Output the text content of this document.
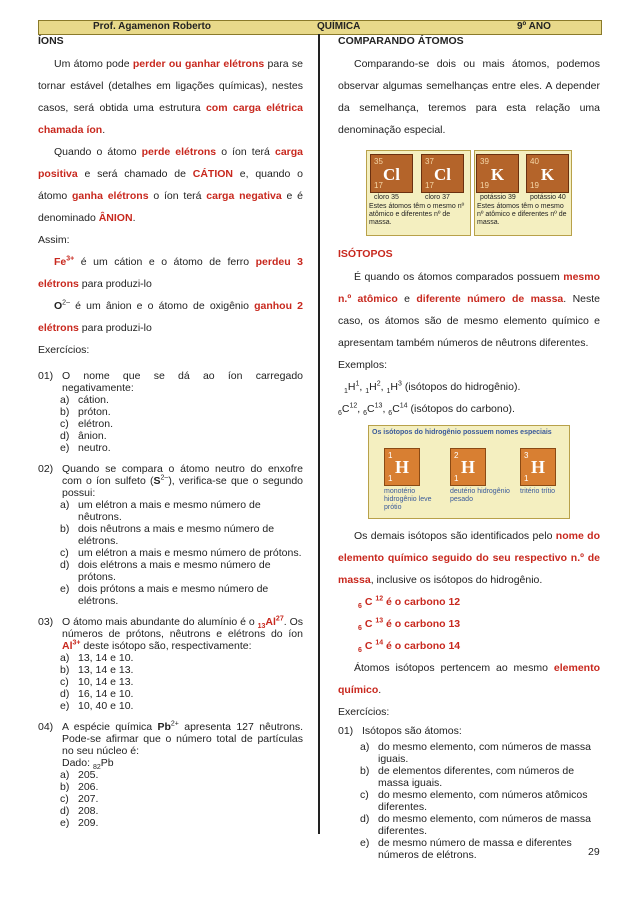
Prof. Agamenon Roberto	QUÍMICA	9º ANO

ÍONS

Um átomo pode perder ou ganhar elétrons para se tornar estável (detalhes em ligações químicas), nestes casos, será obtida uma estrutura com carga elétrica chamada íon.

Quando o átomo perde elétrons o íon terá carga positiva e será chamado de CÁTION e, quando o átomo ganha elétrons o íon terá carga negativa e é denominado ÂNION.

Assim:

$Fe^{3+}$ é um cátion e o átomo de ferro perdeu 3 elétrons para produzi-lo

$O^{2-}$ é um ânion e o átomo de oxigênio ganhou 2 elétrons para produzi-lo

Exercícios:

01) O nome que se dá ao íon carregado negativamente:

a) cátion.
b) próton.
c) elétron.
d) ânion.
e) neutro.
02) Quando se compara o átomo neutro do enxofre com o íon sulfeto $(S^{2-})$, verifica-se que o segundo possui:

a) um elétron a mais e mesmo número de nêutrons.
b) dois nêutrons a mais e mesmo número de elétrons.
c) um elétron a mais e mesmo número de prótons.
d) dois elétrons a mais e mesmo número de prótons.
e) dois prótons a mais e mesmo número de elétrons.
03) O átomo mais abundante do alumínio é o $_{13}Al^{27}$. Os números de prótons, nêutrons e elétrons do íon $Al^{3+}$ deste isótopo são, respectivamente:

a) 13, 14 e 10.
b) 13, 14 e 13.
c) 10, 14 e 13.
d) 16, 14 e 10.
e) 10, 40 e 10.
04) A espécie química $Pb^{2+}$ apresenta 127 nêutrons. Pode-se afirmar que o número total de partículas no seu núcleo é:
Dado: $_{82}$Pb

a) 205.
b) 206.
c) 207.
d) 208.
e) 209.

COMPARANDO ÁTOMOS

Comparando-se dois ou mais átomos, podemos observar algumas semelhanças entre eles. A depender da semelhança, teremos para esta relação uma denominação especial.

35
Cl
17
cloro 35
37
Cl
17
cloro 37
39
K
19
potássio 39
40
K
19
potássio 40
Estes átomos têm o mesmo nº atômico e diferentes nº de massa.
Estes átomos têm o mesmo nº atômico e diferentes nº de massa.

ISÓTOPOS

É quando os átomos comparados possuem mesmo n.º atômico e diferente número de massa. Neste caso, os átomos são de mesmo elemento químico e apresentam também números de nêutrons diferentes.

Exemplos:

$_1H^1$, $_1H^2$, $_1H^3$ (isótopos do hidrogênio).

$_6C^{12}$, $_6C^{13}$, $_6C^{14}$ (isótopos do carbono).

Os isótopos do hidrogênio possuem nomes especiais
1
H
1
monotério hidrogênio leve prótio
2
H
1
deutério hidrogênio pesado
3
H
1
tritério trítio

Os demais isótopos são identificados pelo nome do elemento químico seguido do seu respectivo n.º de massa, inclusive os isótopos do hidrogênio.

$_6$ C $^{12}$ é o carbono 12

$_6$ C $^{13}$ é o carbono 13

$_6$ C $^{14}$ é o carbono 14

Átomos isótopos pertencem ao mesmo elemento químico.

Exercícios:

01) Isótopos são átomos:

a) do mesmo elemento, com números de massa iguais.
b) de elementos diferentes, com números de massa iguais.
c) do mesmo elemento, com números atômicos diferentes.
d) do mesmo elemento, com números de massa diferentes.
e) de mesmo número de massa e diferentes números de elétrons.	29
